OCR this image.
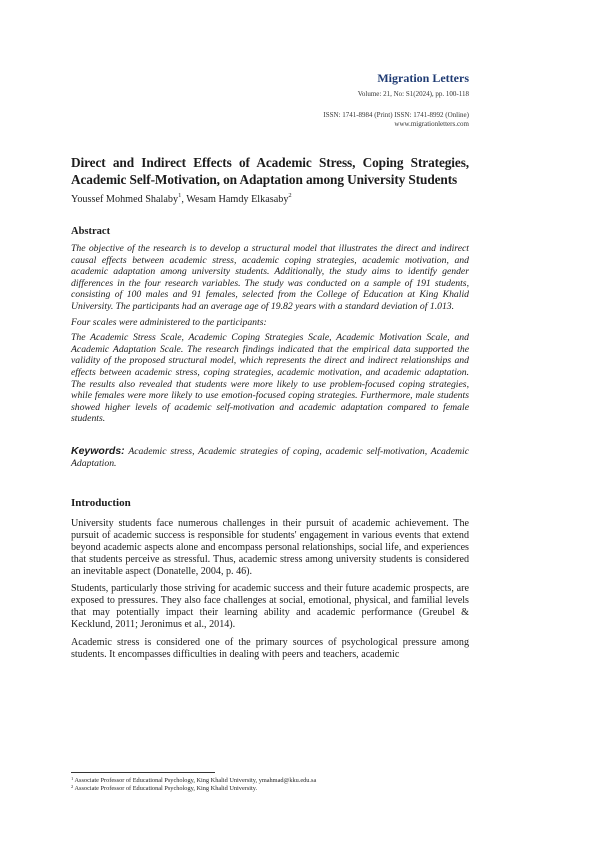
Migration Letters
Volume: 21, No: S1(2024), pp. 100-118
ISSN: 1741-8984 (Print) ISSN: 1741-8992 (Online)
www.migrationletters.com
Direct and Indirect Effects of Academic Stress, Coping Strategies, Academic Self-Motivation, on Adaptation among University Students
Youssef Mohmed Shalaby$^1$, Wesam Hamdy Elkasaby$^2$
Abstract

The objective of the research is to develop a structural model that illustrates the direct and indirect causal effects between academic stress, academic coping strategies, academic motivation, and academic adaptation among university students. Additionally, the study aims to identify gender differences in the four research variables. The study was conducted on a sample of 191 students, consisting of 100 males and 91 females, selected from the College of Education at King Khalid University. The participants had an average age of 19.82 years with a standard deviation of 1.013.

Four scales were administered to the participants:

The Academic Stress Scale, Academic Coping Strategies Scale, Academic Motivation Scale, and Academic Adaptation Scale. The research findings indicated that the empirical data supported the validity of the proposed structural model, which represents the direct and indirect relationships and effects between academic stress, coping strategies, academic motivation, and academic adaptation. The results also revealed that students were more likely to use problem-focused coping strategies, while females were more likely to use emotion-focused coping strategies. Furthermore, male students showed higher levels of academic self-motivation and academic adaptation compared to female students.

Keywords: Academic stress, Academic strategies of coping, academic self-motivation, Academic Adaptation.
Introduction

University students face numerous challenges in their pursuit of academic achievement. The pursuit of academic success is responsible for students' engagement in various events that extend beyond academic aspects alone and encompass personal relationships, social life, and experiences that students perceive as stressful. Thus, academic stress among university students is considered an inevitable aspect (Donatelle, 2004, p. 46).

Students, particularly those striving for academic success and their future academic prospects, are exposed to pressures. They also face challenges at social, emotional, physical, and familial levels that may potentially impact their learning ability and academic performance (Greubel & Kecklund, 2011; Jeronimus et al., 2014).

Academic stress is considered one of the primary sources of psychological pressure among students. It encompasses difficulties in dealing with peers and teachers, academic

$^1$ Associate Professor of Educational Psychology, King Khalid University, ymahmad@kku.edu.sa
$^2$ Associate Professor of Educational Psychology, King Khalid University.
